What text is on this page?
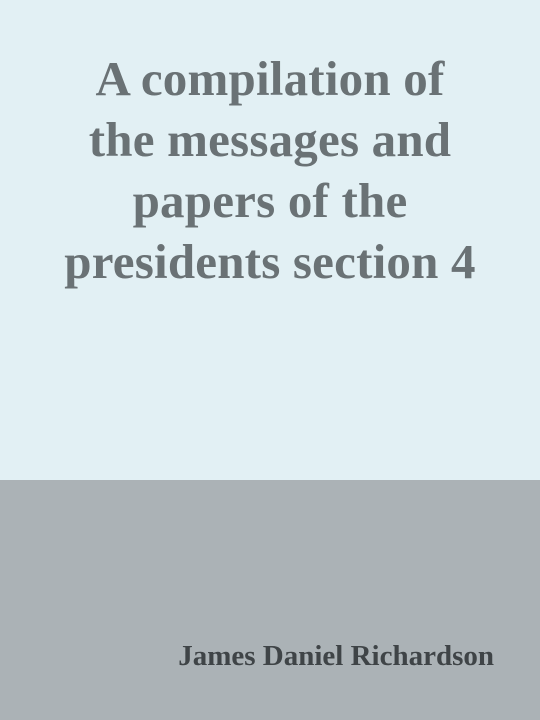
A compilation of
the messages and
papers of the
presidents section 4

James Daniel Richardson
